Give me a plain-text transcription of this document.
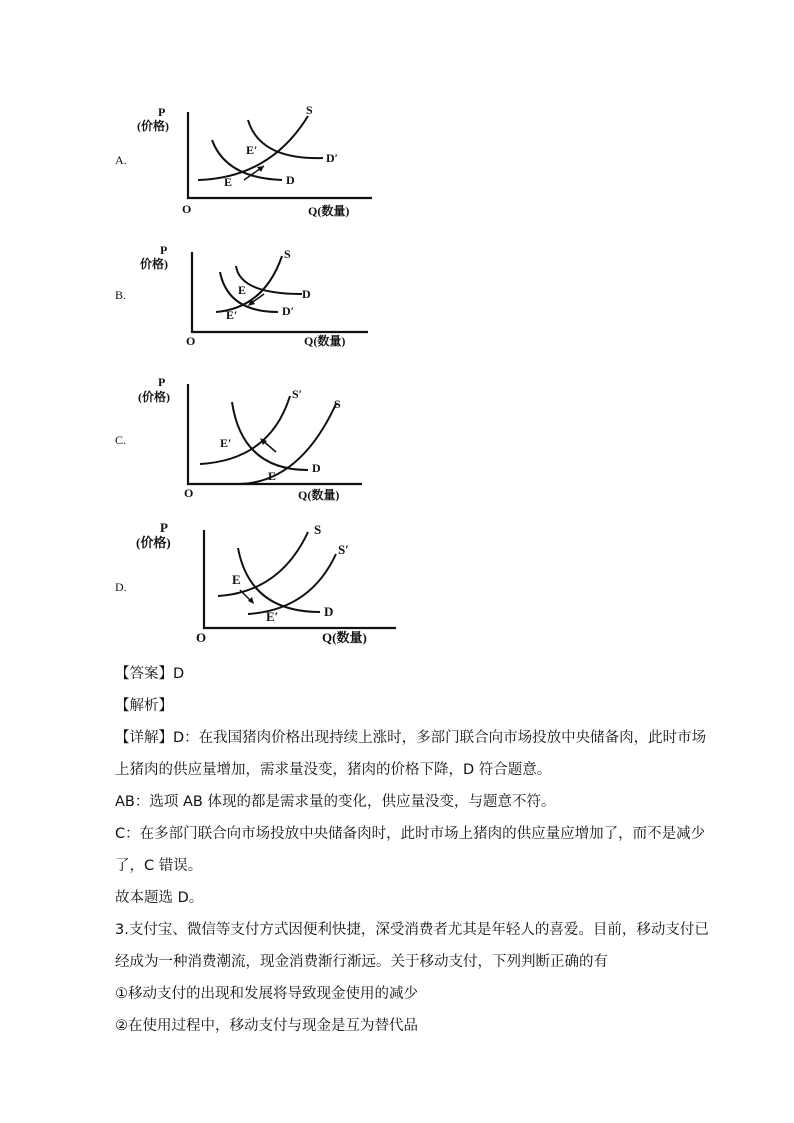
A.
P
(价格)
S
E′
D′
E	D
O	Q(数量)
B.
P
价格)
S
E	D
E′	D′
O	Q(数量)
C.
P
(价格)	S′
S
E′
E
D
O	Q(数量)
D.
P
(价格)
S
S′
E
E′	D
O	Q(数量)
【答案】D
【解析】
【详解】D：在我国猪肉价格出现持续上涨时，多部门联合向市场投放中央储备肉，此时市场
上猪肉的供应量增加，需求量没变，猪肉的价格下降，D 符合题意。
AB：选项 AB 体现的都是需求量的变化，供应量没变，与题意不符。
C：在多部门联合向市场投放中央储备肉时，此时市场上猪肉的供应量应增加了，而不是减少
了，C 错误。
故本题选 D。
3.支付宝、微信等支付方式因便利快捷，深受消费者尤其是年轻人的喜爱。目前，移动支付已
经成为一种消费潮流，现金消费渐行渐远。关于移动支付，下列判断正确的有
①移动支付的出现和发展将导致现金使用的减少
②在使用过程中，移动支付与现金是互为替代品
